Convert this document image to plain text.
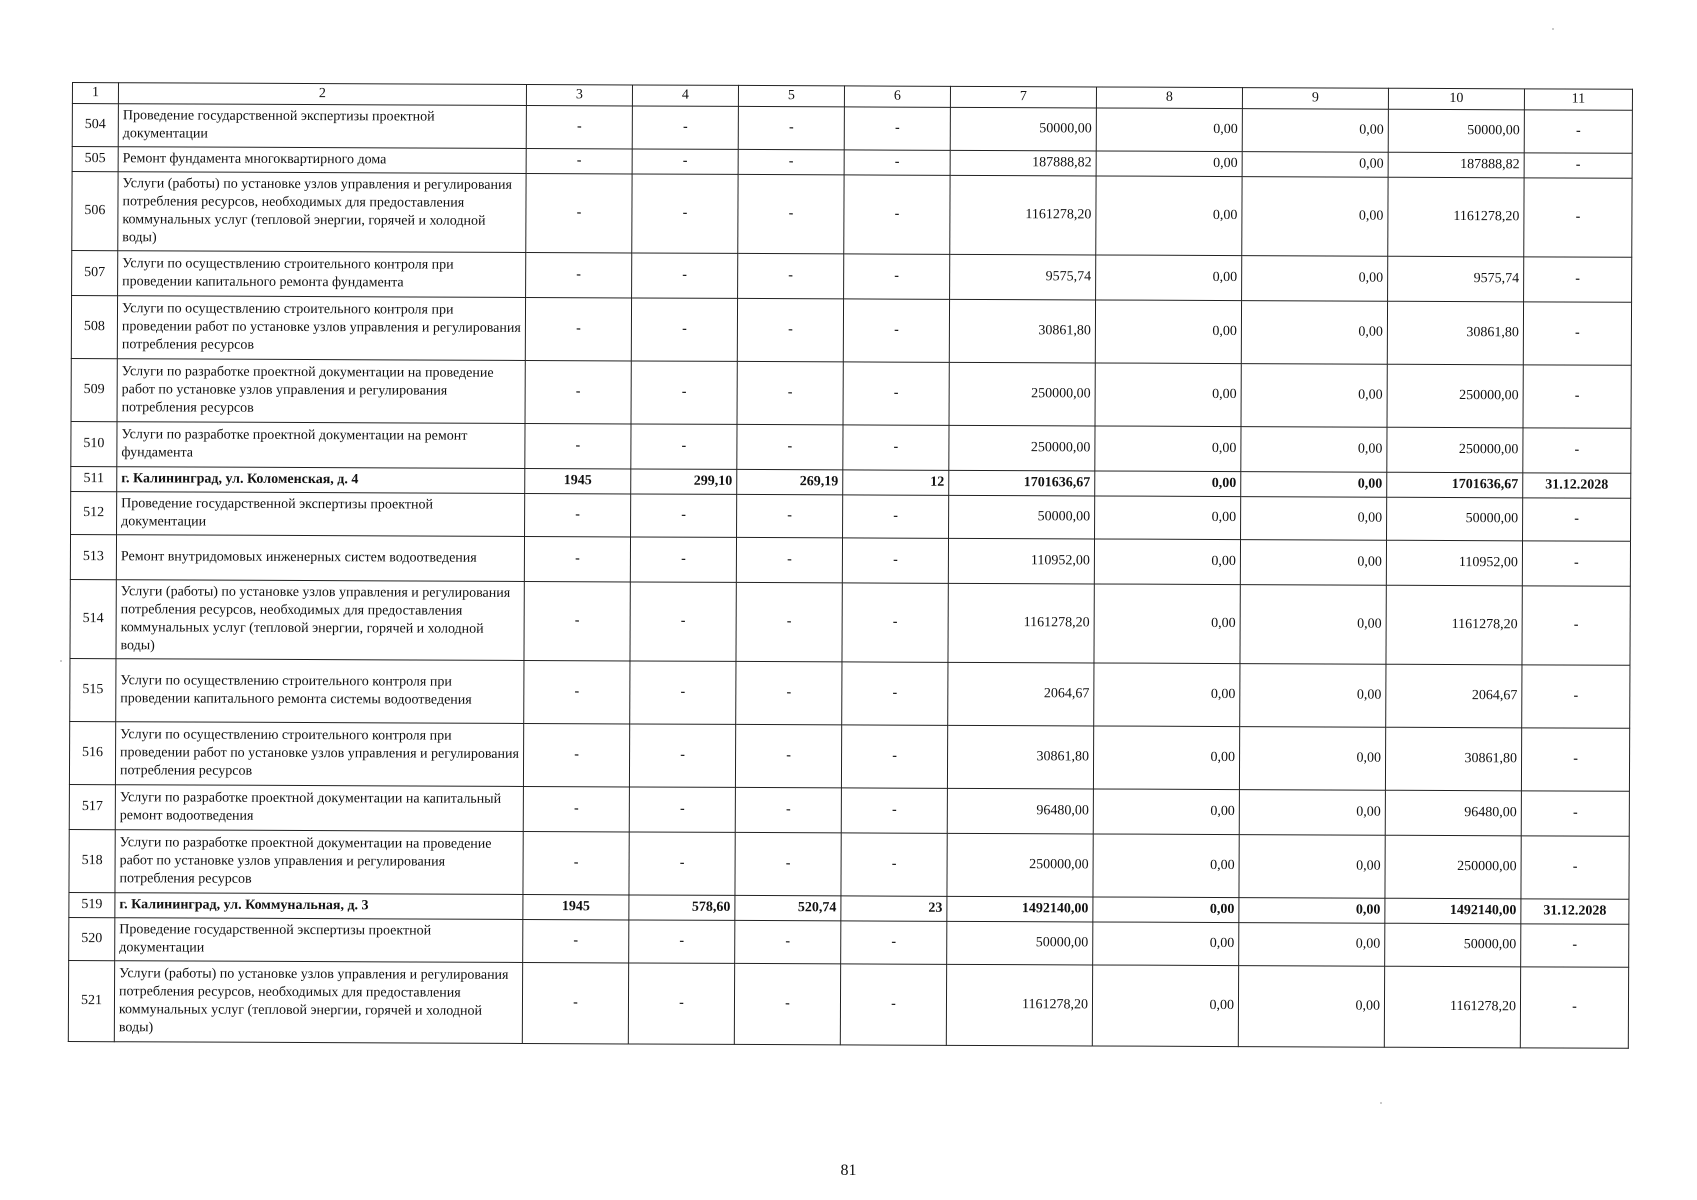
1	2	3	4	5	6	7	8	9	10	11
504	Проведение государственной экспертизы проектной документации	-	-	-	-	50000,00	0,00	0,00	50000,00	-
505	Ремонт фундамента многоквартирного дома	-	-	-	-	187888,82	0,00	0,00	187888,82	-
506	Услуги (работы) по установке узлов управления и регулирования потребления ресурсов, необходимых для предоставления коммунальных услуг (тепловой энергии, горячей и холодной воды)	-	-	-	-	1161278,20	0,00	0,00	1161278,20	-
507	Услуги по осуществлению строительного контроля при проведении капитального ремонта фундамента	-	-	-	-	9575,74	0,00	0,00	9575,74	-
508	Услуги по осуществлению строительного контроля при проведении работ по установке узлов управления и регулирования потребления ресурсов	-	-	-	-	30861,80	0,00	0,00	30861,80	-
509	Услуги по разработке проектной документации на проведение работ по установке узлов управления и регулирования потребления ресурсов	-	-	-	-	250000,00	0,00	0,00	250000,00	-
510	Услуги по разработке проектной документации на ремонт фундамента	-	-	-	-	250000,00	0,00	0,00	250000,00	-
511	г. Калининград, ул. Коломенская, д. 4	1945	299,10	269,19	12	1701636,67	0,00	0,00	1701636,67	31.12.2028
512	Проведение государственной экспертизы проектной документации	-	-	-	-	50000,00	0,00	0,00	50000,00	-
513	Ремонт внутридомовых инженерных систем водоотведения	-	-	-	-	110952,00	0,00	0,00	110952,00	-
514	Услуги (работы) по установке узлов управления и регулирования потребления ресурсов, необходимых для предоставления коммунальных услуг (тепловой энергии, горячей и холодной воды)	-	-	-	-	1161278,20	0,00	0,00	1161278,20	-
515	Услуги по осуществлению строительного контроля при проведении капитального ремонта системы водоотведения	-	-	-	-	2064,67	0,00	0,00	2064,67	-
516	Услуги по осуществлению строительного контроля при проведении работ по установке узлов управления и регулирования потребления ресурсов	-	-	-	-	30861,80	0,00	0,00	30861,80	-
517	Услуги по разработке проектной документации на капитальный ремонт водоотведения	-	-	-	-	96480,00	0,00	0,00	96480,00	-
518	Услуги по разработке проектной документации на проведение работ по установке узлов управления и регулирования потребления ресурсов	-	-	-	-	250000,00	0,00	0,00	250000,00	-
519	г. Калининград, ул. Коммунальная, д. 3	1945	578,60	520,74	23	1492140,00	0,00	0,00	1492140,00	31.12.2028
520	Проведение государственной экспертизы проектной документации	-	-	-	-	50000,00	0,00	0,00	50000,00	-
521	Услуги (работы) по установке узлов управления и регулирования потребления ресурсов, необходимых для предоставления коммунальных услуг (тепловой энергии, горячей и холодной воды)	-	-	-	-	1161278,20	0,00	0,00	1161278,20	-
81
